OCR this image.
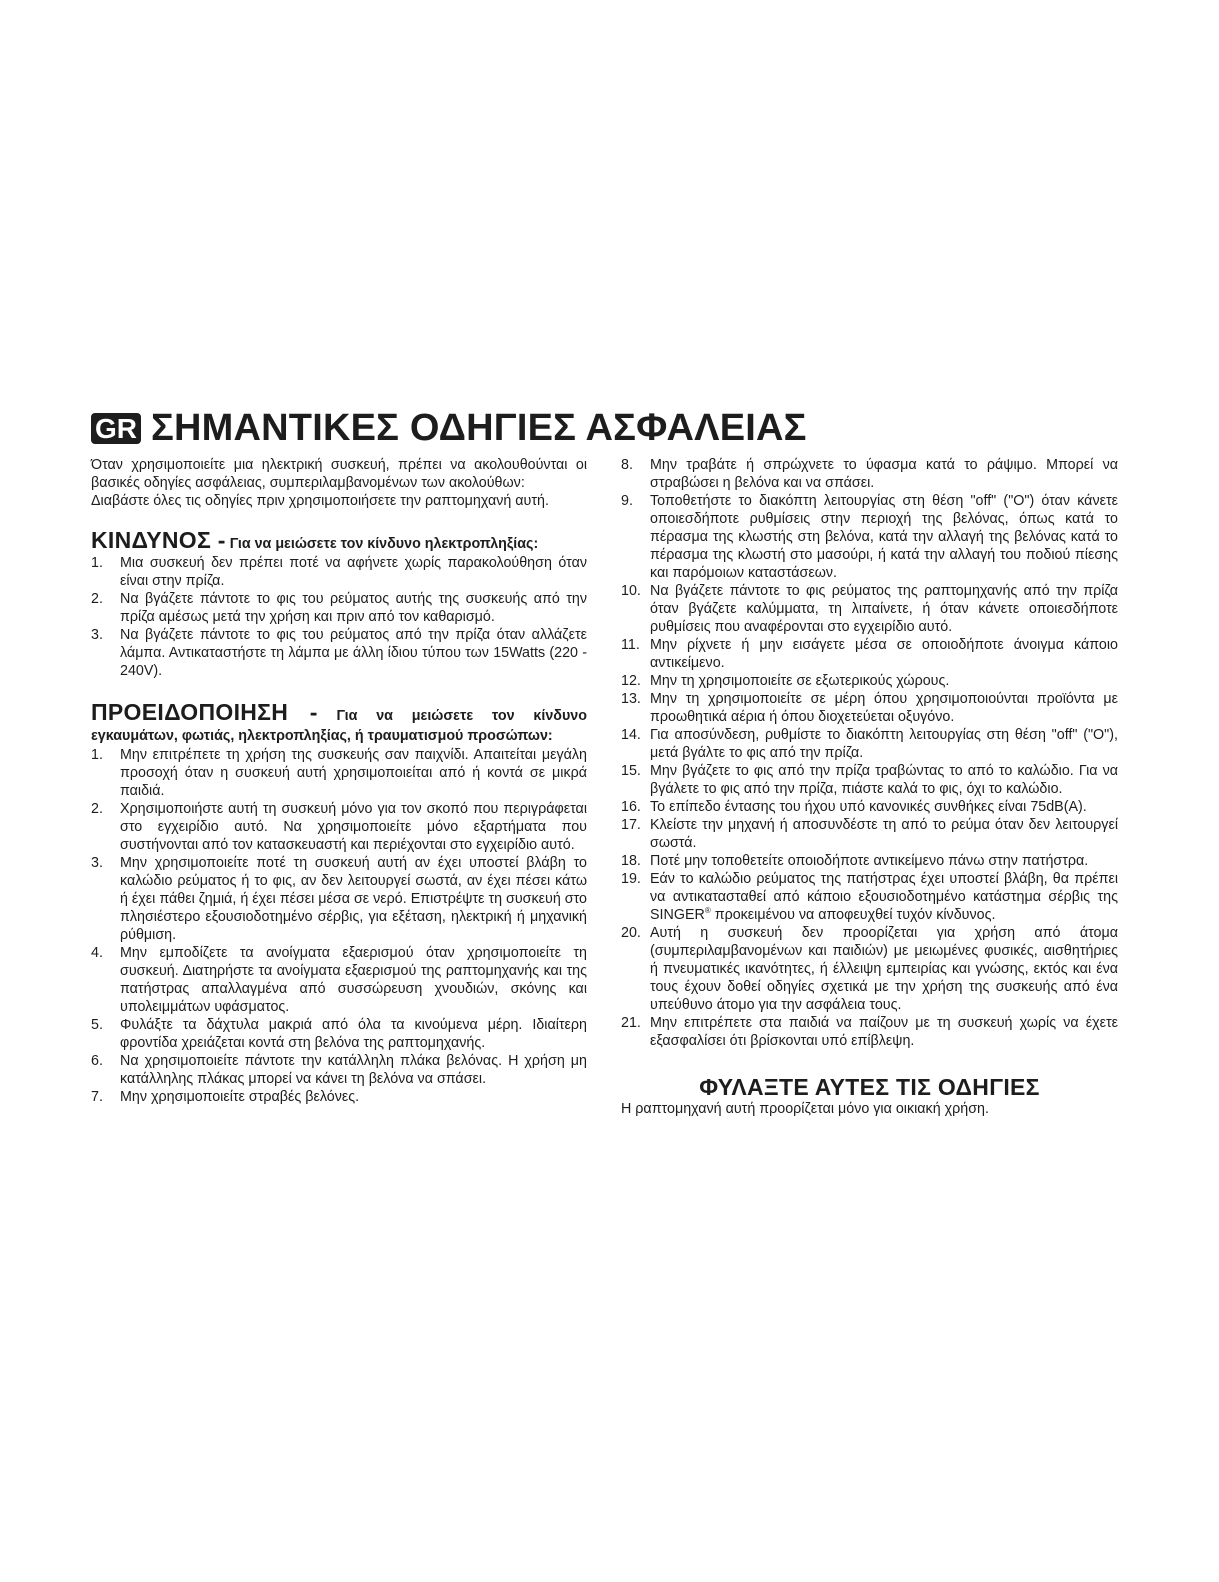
GR ΣΗΜΑΝΤΙΚΕΣ ΟΔΗΓΙΕΣ ΑΣΦΑΛΕΙΑΣ

Όταν χρησιμοποιείτε μια ηλεκτρική συσκευή, πρέπει να ακολουθούνται οι βασικές οδηγίες ασφάλειας, συμπεριλαμβανομένων των ακολούθων:

Διαβάστε όλες τις οδηγίες πριν χρησιμοποιήσετε την ραπτομηχανή αυτή.

ΚΙΝΔΥΝΟΣ - Για να μειώσετε τον κίνδυνο ηλεκτροπληξίας:

1.	Μια συσκευή δεν πρέπει ποτέ να αφήνετε χωρίς παρακολούθηση όταν είναι στην πρίζα.
2.	Να βγάζετε πάντοτε το φις του ρεύματος αυτής της συσκευής από την πρίζα αμέσως μετά την χρήση και πριν από τον καθαρισμό.
3.	Να βγάζετε πάντοτε το φις του ρεύματος από την πρίζα όταν αλλάζετε λάμπα. Αντικαταστήστε τη λάμπα με άλλη ίδιου τύπου των 15Watts (220 - 240V).

ΠΡΟΕΙΔΟΠΟΙΗΣΗ - Για να μειώσετε τον κίνδυνο εγκαυμάτων, φωτιάς, ηλεκτροπληξίας, ή τραυματισμού προσώπων:

1.	Μην επιτρέπετε τη χρήση της συσκευής σαν παιχνίδι. Απαιτείται μεγάλη προσοχή όταν η συσκευή αυτή χρησιμοποιείται από ή κοντά σε μικρά παιδιά.
2.	Χρησιμοποιήστε αυτή τη συσκευή μόνο για τον σκοπό που περιγράφεται στο εγχειρίδιο αυτό. Να χρησιμοποιείτε μόνο εξαρτήματα που συστήνονται από τον κατασκευαστή και περιέχονται στο εγχειρίδιο αυτό.
3.	Μην χρησιμοποιείτε ποτέ τη συσκευή αυτή αν έχει υποστεί βλάβη το καλώδιο ρεύματος ή το φις, αν δεν λειτουργεί σωστά, αν έχει πέσει κάτω ή έχει πάθει ζημιά, ή έχει πέσει μέσα σε νερό. Επιστρέψτε τη συσκευή στο πλησιέστερο εξουσιοδοτημένο σέρβις, για εξέταση, ηλεκτρική ή μηχανική ρύθμιση.
4.	Μην εμποδίζετε τα ανοίγματα εξαερισμού όταν χρησιμοποιείτε τη συσκευή. Διατηρήστε τα ανοίγματα εξαερισμού της ραπτομηχανής και της πατήστρας απαλλαγμένα από συσσώρευση χνουδιών, σκόνης και υπολειμμάτων υφάσματος.
5.	Φυλάξτε τα δάχτυλα μακριά από όλα τα κινούμενα μέρη. Ιδιαίτερη φροντίδα χρειάζεται κοντά στη βελόνα της ραπτομηχανής.
6.	Να χρησιμοποιείτε πάντοτε την κατάλληλη πλάκα βελόνας. Η χρήση μη κατάλληλης πλάκας μπορεί να κάνει τη βελόνα να σπάσει.
7.	Μην χρησιμοποιείτε στραβές βελόνες.
8.	Μην τραβάτε ή σπρώχνετε το ύφασμα κατά το ράψιμο. Μπορεί να στραβώσει η βελόνα και να σπάσει.
9.	Τοποθετήστε το διακόπτη λειτουργίας στη θέση "off" ("O") όταν κάνετε οποιεσδήποτε ρυθμίσεις στην περιοχή της βελόνας, όπως κατά το πέρασμα της κλωστής στη βελόνα, κατά την αλλαγή της βελόνας κατά το πέρασμα της κλωστή στο μασούρι, ή κατά την αλλαγή του ποδιού πίεσης και παρόμοιων καταστάσεων.
10. Να βγάζετε πάντοτε το φις ρεύματος της ραπτομηχανής από την πρίζα όταν βγάζετε καλύμματα, τη λιπαίνετε, ή όταν κάνετε οποιεσδήποτε ρυθμίσεις που αναφέρονται στο εγχειρίδιο αυτό.
11. Μην ρίχνετε ή μην εισάγετε μέσα σε οποιοδήποτε άνοιγμα κάποιο αντικείμενο.
12. Μην τη χρησιμοποιείτε σε εξωτερικούς χώρους.
13. Μην τη χρησιμοποιείτε σε μέρη όπου χρησιμοποιούνται προϊόντα με προωθητικά αέρια ή όπου διοχετεύεται οξυγόνο.
14. Για αποσύνδεση, ρυθμίστε το διακόπτη λειτουργίας στη θέση "off" ("O"), μετά βγάλτε το φις από την πρίζα.
15. Μην βγάζετε το φις από την πρίζα τραβώντας το από το καλώδιο. Για να βγάλετε το φις από την πρίζα, πιάστε καλά το φις, όχι το καλώδιο.
16. Το επίπεδο έντασης του ήχου υπό κανονικές συνθήκες είναι 75dB(A).
17. Κλείστε την μηχανή ή αποσυνδέστε τη από το ρεύμα όταν δεν λειτουργεί σωστά.
18. Ποτέ μην τοποθετείτε οποιοδήποτε αντικείμενο πάνω στην πατήστρα.
19. Εάν το καλώδιο ρεύματος της πατήστρας έχει υποστεί βλάβη, θα πρέπει να αντικατασταθεί από κάποιο εξουσιοδοτημένο κατάστημα σέρβις της SINGER® προκειμένου να αποφευχθεί τυχόν κίνδυνος.
20. Αυτή η συσκευή δεν προορίζεται για χρήση από άτομα (συμπεριλαμβανομένων και παιδιών) με μειωμένες φυσικές, αισθητήριες ή πνευματικές ικανότητες, ή έλλειψη εμπειρίας και γνώσης, εκτός και ένα τους έχουν δοθεί οδηγίες σχετικά με την χρήση της συσκευής από ένα υπεύθυνο άτομο για την ασφάλεια τους.
21. Μην επιτρέπετε στα παιδιά να παίζουν με τη συσκευή χωρίς να έχετε εξασφαλίσει ότι βρίσκονται υπό επίβλεψη.
ΦΥΛΑΞΤΕ ΑΥΤΕΣ ΤΙΣ ΟΔΗΓΙΕΣ

Η ραπτομηχανή αυτή προορίζεται μόνο για οικιακή χρήση.
